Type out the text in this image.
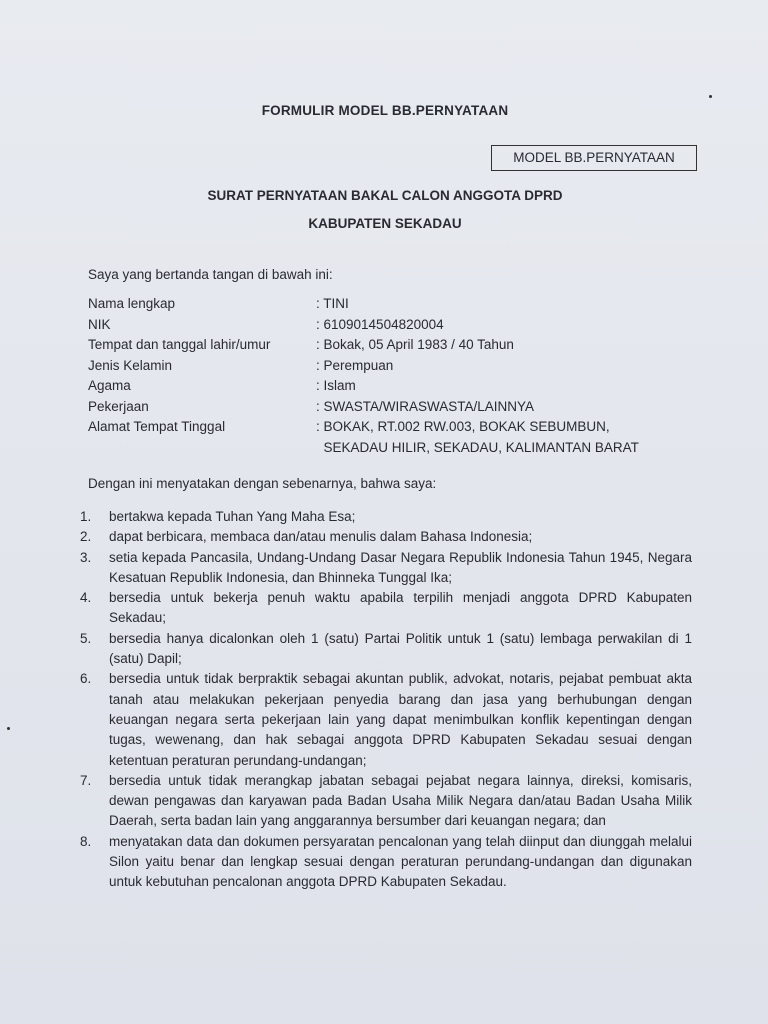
FORMULIR MODEL BB.PERNYATAAN
MODEL BB.PERNYATAAN
SURAT PERNYATAAN BAKAL CALON ANGGOTA DPRD
KABUPATEN SEKADAU
Saya yang bertanda tangan di bawah ini:
Nama lengkap	: TINI
NIK	: 6109014504820004
Tempat dan tanggal lahir/umur	: Bokak, 05 April 1983 / 40 Tahun
Jenis Kelamin	: Perempuan
Agama	: Islam
Pekerjaan	: SWASTA/WIRASWASTA/LAINNYA
Alamat Tempat Tinggal	: BOKAK, RT.002 RW.003, BOKAK SEBUMBUN,
SEKADAU HILIR, SEKADAU, KALIMANTAN BARAT
Dengan ini menyatakan dengan sebenarnya, bahwa saya:
1.	bertakwa kepada Tuhan Yang Maha Esa;
2.	dapat berbicara, membaca dan/atau menulis dalam Bahasa Indonesia;
3.	setia kepada Pancasila, Undang-Undang Dasar Negara Republik Indonesia Tahun 1945, Negara Kesatuan Republik Indonesia, dan Bhinneka Tunggal Ika;
4.	bersedia untuk bekerja penuh waktu apabila terpilih menjadi anggota DPRD Kabupaten Sekadau;
5.	bersedia hanya dicalonkan oleh 1 (satu) Partai Politik untuk 1 (satu) lembaga perwakilan di 1 (satu) Dapil;
6.	bersedia untuk tidak berpraktik sebagai akuntan publik, advokat, notaris, pejabat pembuat akta tanah atau melakukan pekerjaan penyedia barang dan jasa yang berhubungan dengan keuangan negara serta pekerjaan lain yang dapat menimbulkan konflik kepentingan dengan tugas, wewenang, dan hak sebagai anggota DPRD Kabupaten Sekadau sesuai dengan ketentuan peraturan perundang-undangan;
7.	bersedia untuk tidak merangkap jabatan sebagai pejabat negara lainnya, direksi, komisaris, dewan pengawas dan karyawan pada Badan Usaha Milik Negara dan/atau Badan Usaha Milik Daerah, serta badan lain yang anggarannya bersumber dari keuangan negara; dan
8.	menyatakan data dan dokumen persyaratan pencalonan yang telah diinput dan diunggah melalui Silon yaitu benar dan lengkap sesuai dengan peraturan perundang-undangan dan digunakan untuk kebutuhan pencalonan anggota DPRD Kabupaten Sekadau.
